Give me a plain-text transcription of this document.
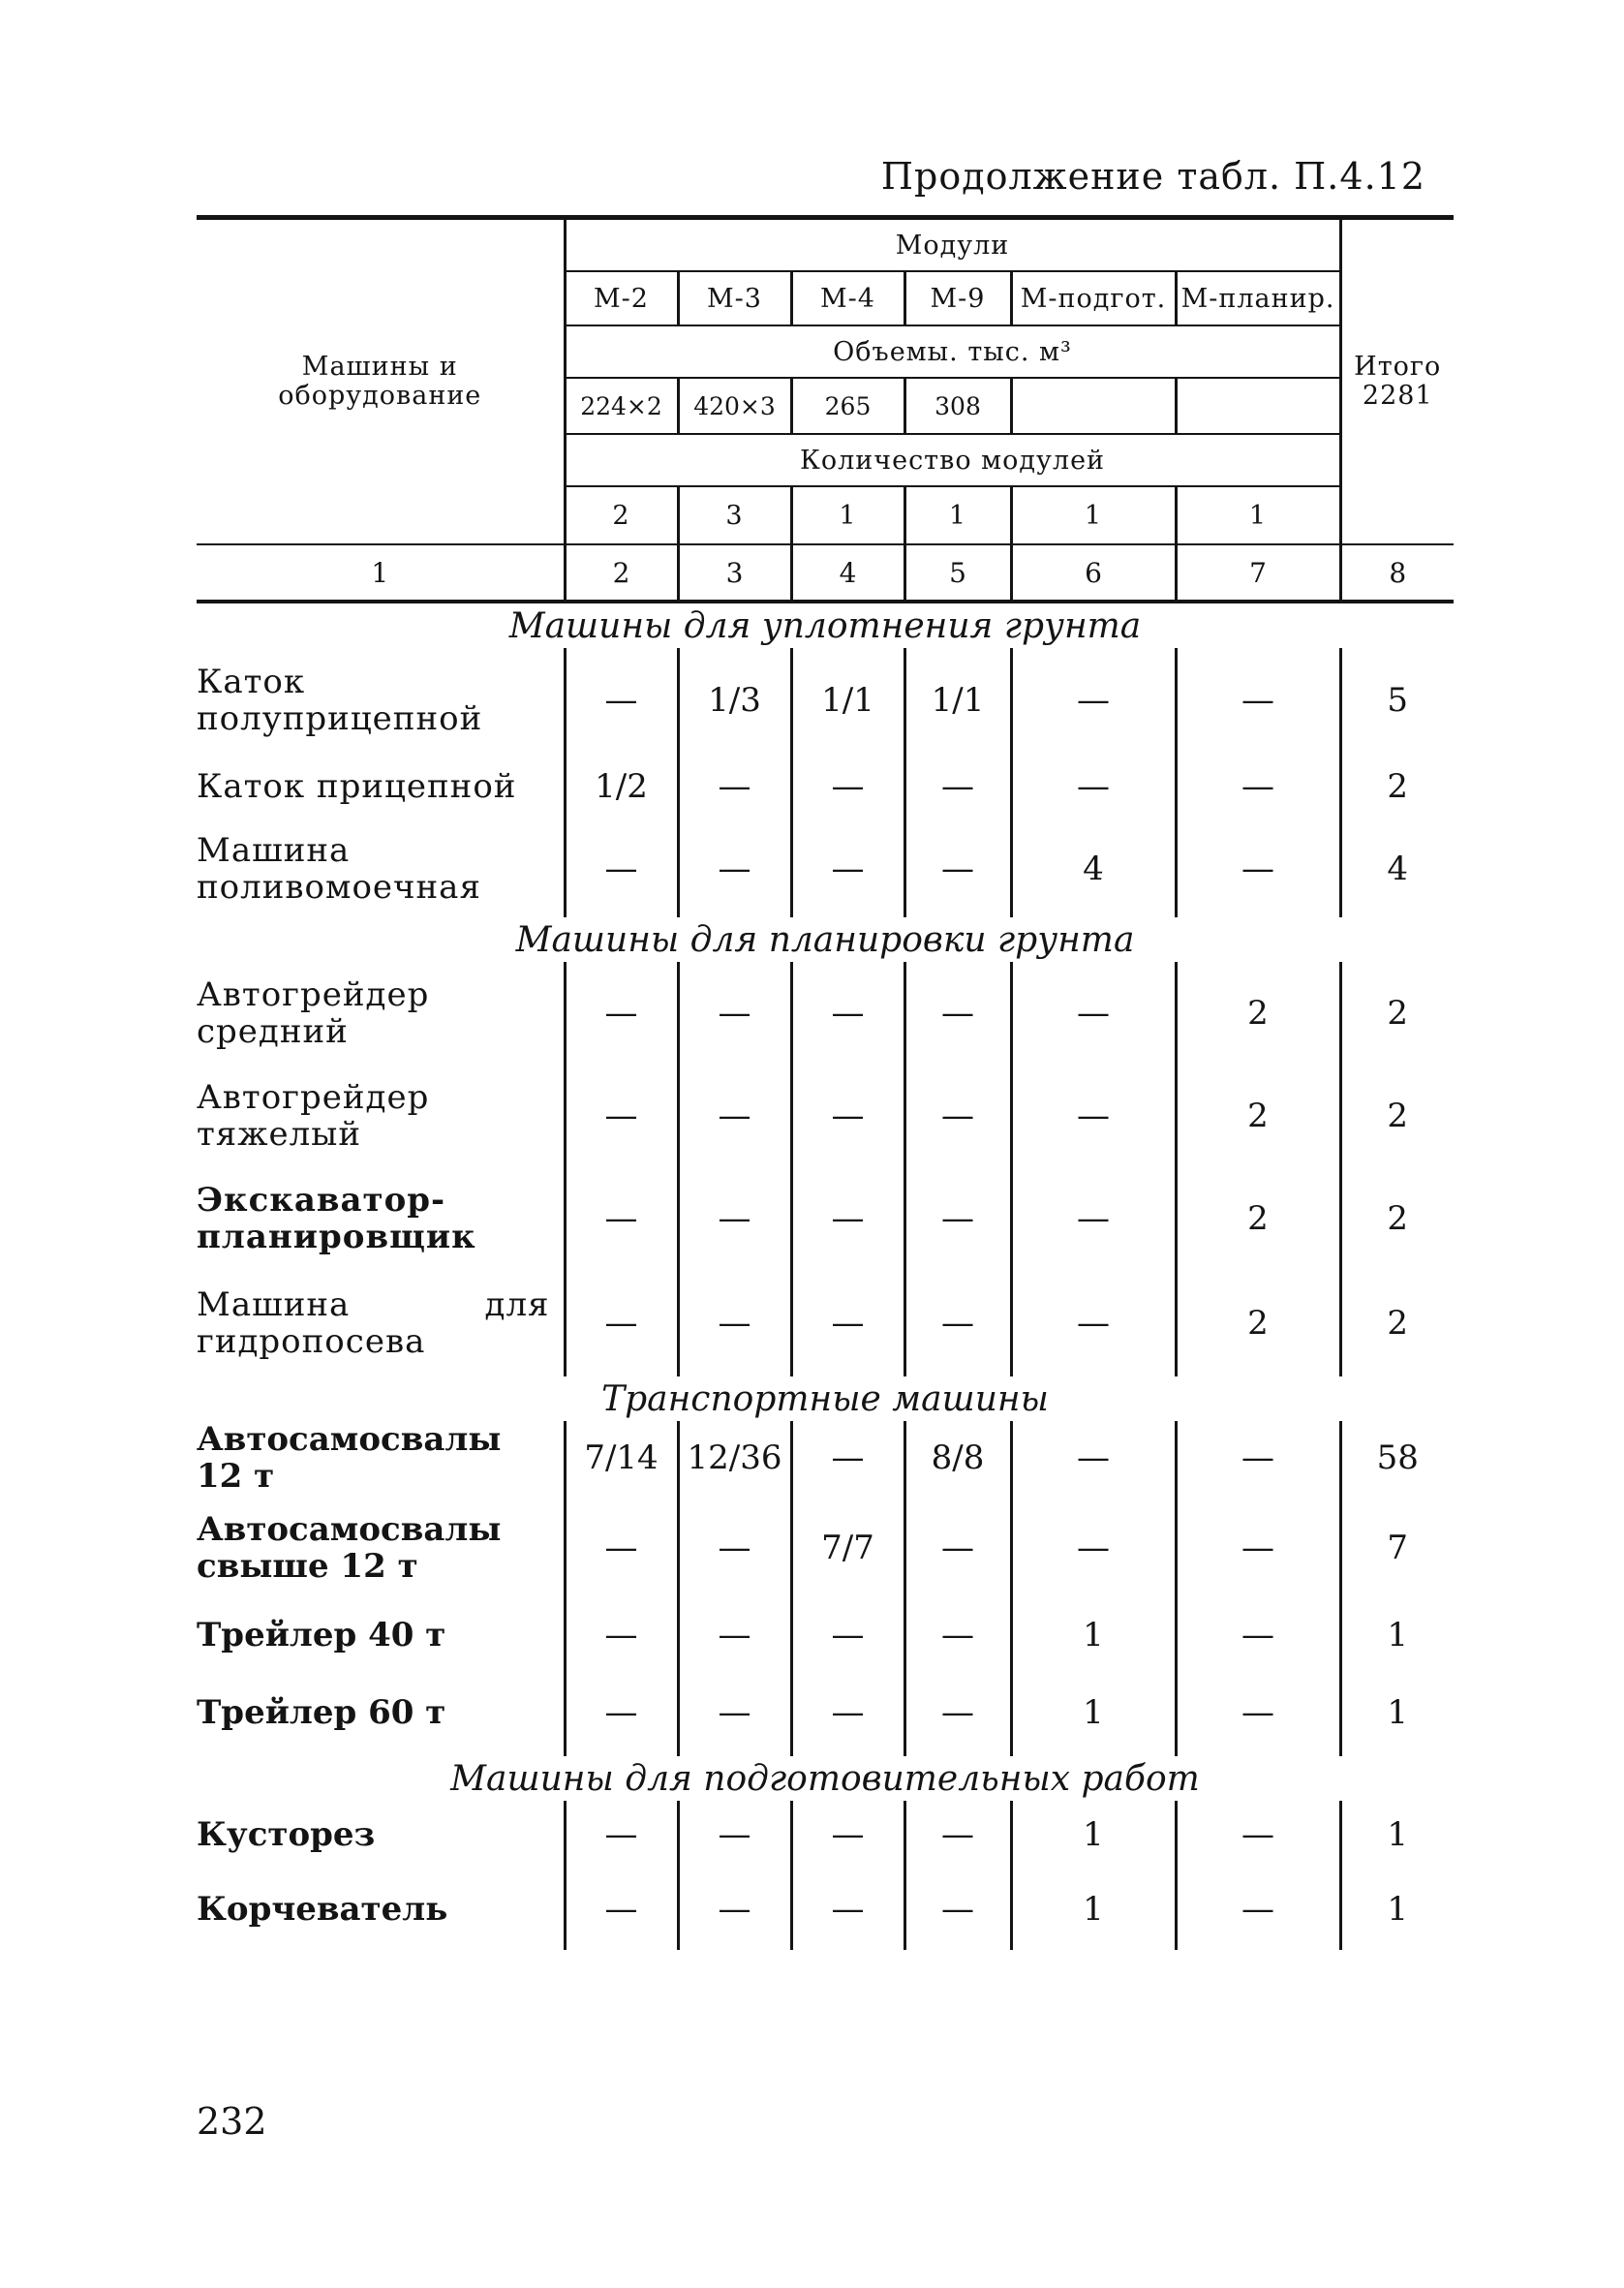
Продолжение табл. П.4.12
Машины и оборудование	Модули						Итого
2281
	М-2	М-3	М-4	М-9	М-подгот.	М-планир.	
	Объемы. тыс. м³						
	224×2	420×3	265	308			
	Количество модулей						
	2	3	1	1	1	1	
1	2	3	4	5	6	7	8
Машины для уплотнения грунта							
Каток полуприцепной	—	1/3	1/1	1/1	—	—	5
Каток прицепной	1/2	—	—	—	—	—	2
Машина поливомоечная	—	—	—	—	4	—	4
Машины для планировки грунта							
Автогрейдер средний	—	—	—	—	—	2	2
Автогрейдер тяжелый	—	—	—	—	—	2	2
Экскаватор-планировщик	—	—	—	—	—	2	2
Машина для гидропосева	—	—	—	—	—	2	2
Транспортные машины							
Автосамосвалы 12 т	7/14	12/36	—	8/8	—	—	58
Автосамосвалы свыше 12 т	—	—	7/7	—	—	—	7
Трейлер 40 т	—	—	—	—	1	—	1
Трейлер 60 т	—	—	—	—	1	—	1
Машины для подготовительных работ							
Кусторез	—	—	—	—	1	—	1
Корчеватель	—	—	—	—	1	—	1
232
